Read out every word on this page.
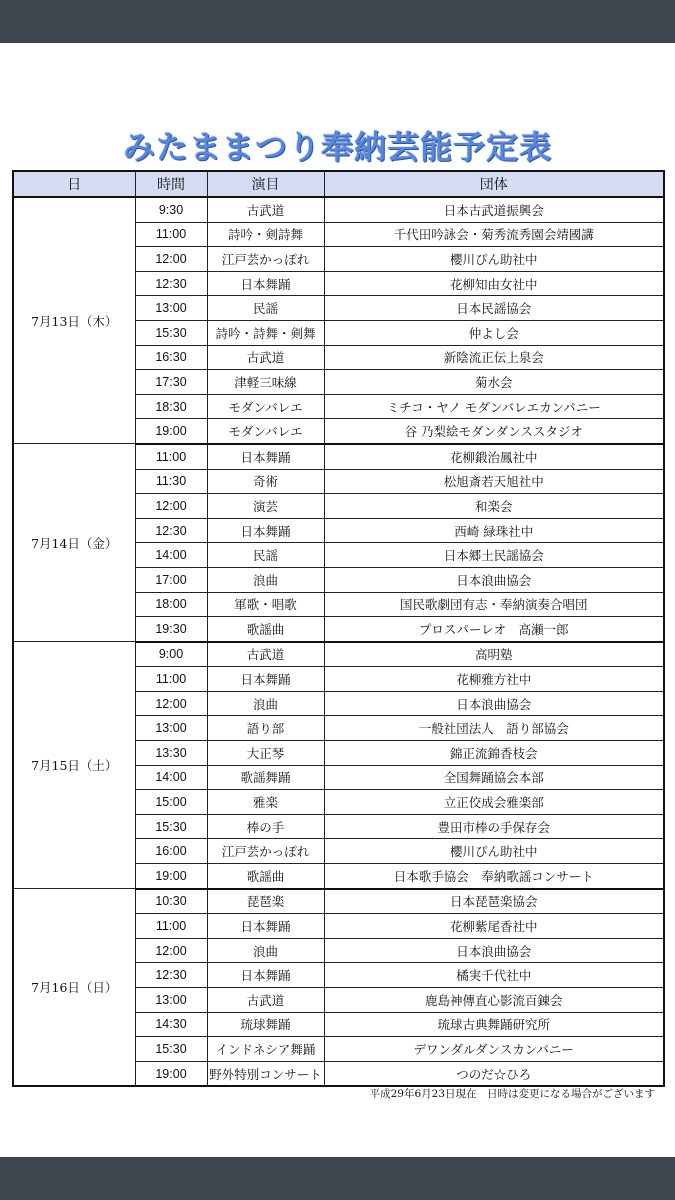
みたままつり奉納芸能予定表
日	時間	演目	団体
7月13日（木）	9:30	古武道	日本古武道振興会
	11:00	詩吟・剣詩舞	千代田吟詠会・菊秀流秀園会靖國講
	12:00	江戸芸かっぽれ	櫻川ぴん助社中
	12:30	日本舞踊	花柳知由女社中
	13:00	民謡	日本民謡協会
	15:30	詩吟・詩舞・剣舞	仲よし会
	16:30	古武道	新陰流正伝上泉会
	17:30	津軽三味線	菊水会
	18:30	モダンバレエ	ミチコ・ヤノ モダンバレエカンパニー
	19:00	モダンバレエ	谷 乃梨絵モダンダンススタジオ
7月14日（金）	11:00	日本舞踊	花柳鍛治鳳社中
	11:30	奇術	松旭斎若天旭社中
	12:00	演芸	和楽会
	12:30	日本舞踊	西崎 緑珠社中
	14:00	民謡	日本郷土民謡協会
	17:00	浪曲	日本浪曲協会
	18:00	軍歌・唱歌	国民歌劇団有志・奉納演奏合唱団
	19:30	歌謡曲	プロスパーレオ　高瀬一郎
7月15日（土）	9:00	古武道	高明塾
	11:00	日本舞踊	花柳雅方社中
	12:00	浪曲	日本浪曲協会
	13:00	語り部	一般社団法人　語り部協会
	13:30	大正琴	錦正流錦香枝会
	14:00	歌謡舞踊	全国舞踊協会本部
	15:00	雅楽	立正佼成会雅楽部
	15:30	棒の手	豊田市棒の手保存会
	16:00	江戸芸かっぽれ	櫻川ぴん助社中
	19:00	歌謡曲	日本歌手協会　奉納歌謡コンサート
7月16日（日）	10:30	琵琶楽	日本琵琶楽協会
	11:00	日本舞踊	花柳紫尾香社中
	12:00	浪曲	日本浪曲協会
	12:30	日本舞踊	橘実千代社中
	13:00	古武道	鹿島神傳直心影流百錬会
	14:30	琉球舞踊	琉球古典舞踊研究所
	15:30	インドネシア舞踊	デワンダルダンスカンパニー
	19:00	野外特別コンサート	つのだ☆ひろ
平成29年6月23日現在　日時は変更になる場合がございます
